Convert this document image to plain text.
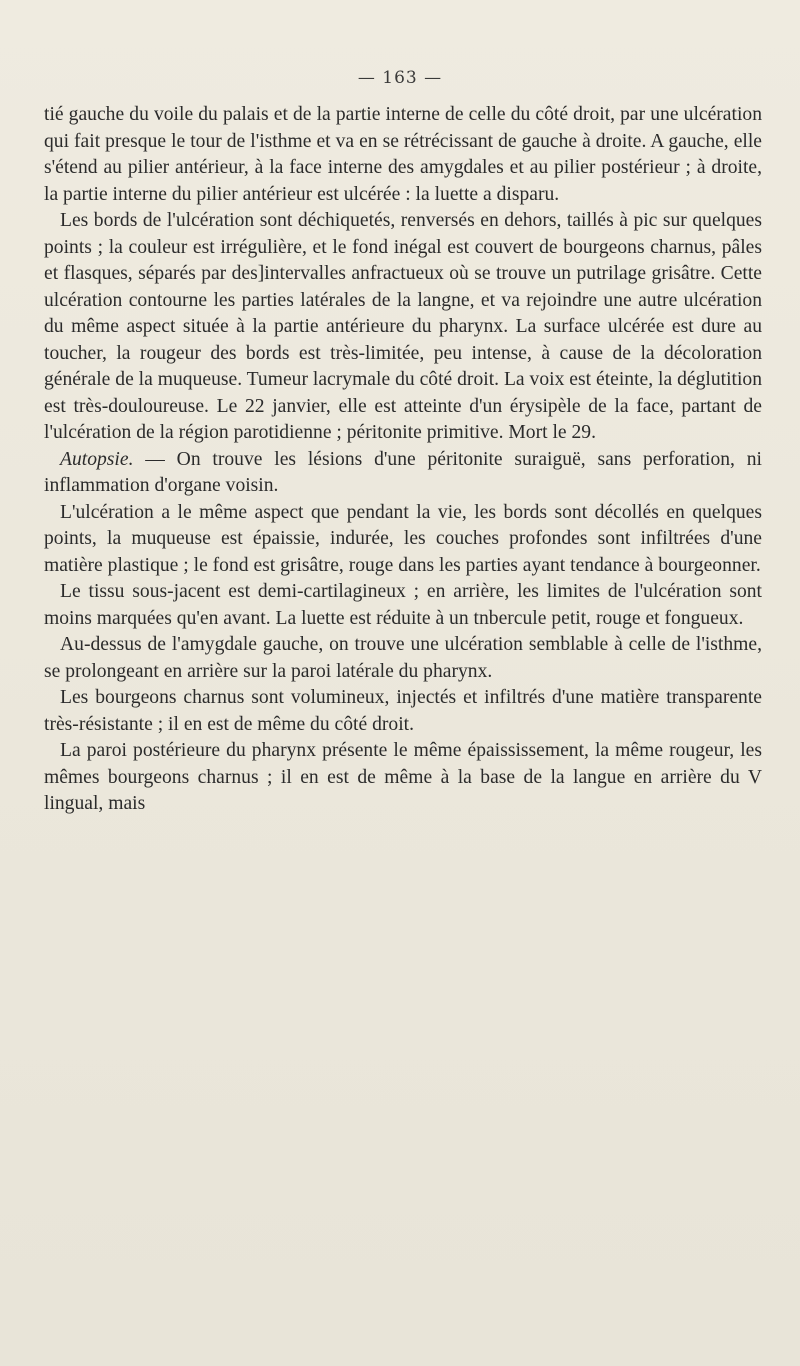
— 163 —

tié gauche du voile du palais et de la partie interne de celle du côté droit, par une ulcération qui fait presque le tour de l'isthme et va en se rétrécissant de gauche à droite. A gauche, elle s'étend au pilier antérieur, à la face interne des amygdales et au pilier postérieur ; à droite, la partie interne du pilier antérieur est ulcérée : la luette a disparu.

Les bords de l'ulcération sont déchiquetés, renversés en dehors, taillés à pic sur quelques points ; la couleur est irrégulière, et le fond inégal est couvert de bourgeons charnus, pâles et flasques, séparés par des]intervalles anfractueux où se trouve un putrilage grisâtre. Cette ulcération contourne les parties latérales de la langne, et va rejoindre une autre ulcération du même aspect située à la partie antérieure du pharynx. La surface ulcérée est dure au toucher, la rougeur des bords est très-limitée, peu intense, à cause de la décoloration générale de la muqueuse. Tumeur lacrymale du côté droit. La voix est éteinte, la déglutition est très-douloureuse. Le 22 janvier, elle est atteinte d'un érysipèle de la face, partant de l'ulcération de la région parotidienne ; péritonite primitive. Mort le 29.

Autopsie. — On trouve les lésions d'une péritonite suraiguë, sans perforation, ni inflammation d'organe voisin.

L'ulcération a le même aspect que pendant la vie, les bords sont décollés en quelques points, la muqueuse est épaissie, indurée, les couches profondes sont infiltrées d'une matière plastique ; le fond est grisâtre, rouge dans les parties ayant tendance à bourgeonner.

Le tissu sous-jacent est demi-cartilagineux ; en arrière, les limites de l'ulcération sont moins marquées qu'en avant. La luette est réduite à un tnbercule petit, rouge et fongueux.

Au-dessus de l'amygdale gauche, on trouve une ulcération semblable à celle de l'isthme, se prolongeant en arrière sur la paroi latérale du pharynx.

Les bourgeons charnus sont volumineux, injectés et infiltrés d'une matière transparente très-résistante ; il en est de même du côté droit.

La paroi postérieure du pharynx présente le même épaississement, la même rougeur, les mêmes bourgeons charnus ; il en est de même à la base de la langue en arrière du V lingual, mais
